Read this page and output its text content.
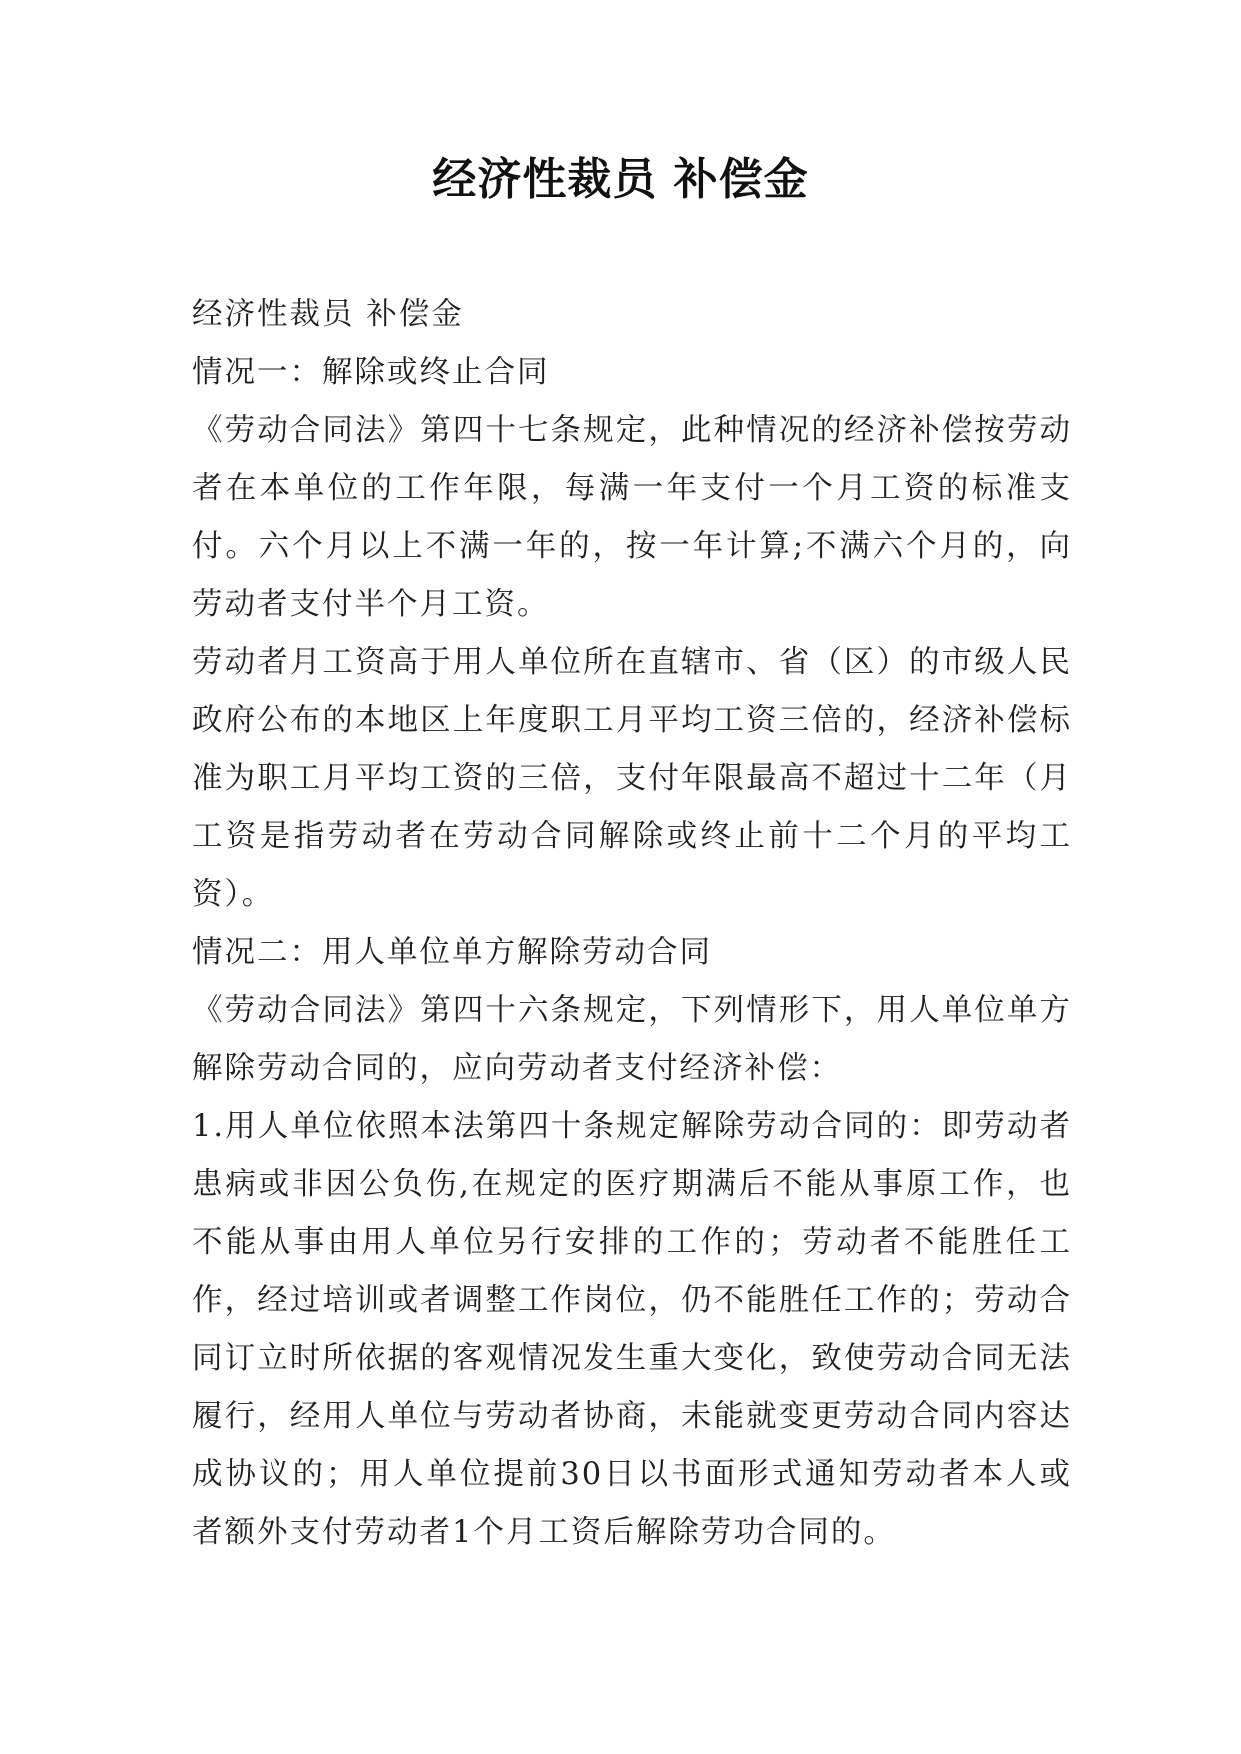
经济性裁员 补偿金

经济性裁员 补偿金

情况一：解除或终止合同

《劳动合同法》第四十七条规定，此种情况的经济补偿按劳动者在本单位的工作年限，每满一年支付一个月工资的标准支付。六个月以上不满一年的，按一年计算;不满六个月的，向劳动者支付半个月工资。

劳动者月工资高于用人单位所在直辖市、省（区）的市级人民政府公布的本地区上年度职工月平均工资三倍的，经济补偿标准为职工月平均工资的三倍，支付年限最高不超过十二年（月工资是指劳动者在劳动合同解除或终止前十二个月的平均工资）。

情况二：用人单位单方解除劳动合同

《劳动合同法》第四十六条规定，下列情形下，用人单位单方解除劳动合同的，应向劳动者支付经济补偿：

1.用人单位依照本法第四十条规定解除劳动合同的：即劳动者患病或非因公负伤,在规定的医疗期满后不能从事原工作，也不能从事由用人单位另行安排的工作的；劳动者不能胜任工作，经过培训或者调整工作岗位，仍不能胜任工作的；劳动合同订立时所依据的客观情况发生重大变化，致使劳动合同无法履行，经用人单位与劳动者协商，未能就变更劳动合同内容达成协议的；用人单位提前30日以书面形式通知劳动者本人或者额外支付劳动者1个月工资后解除劳功合同的。
